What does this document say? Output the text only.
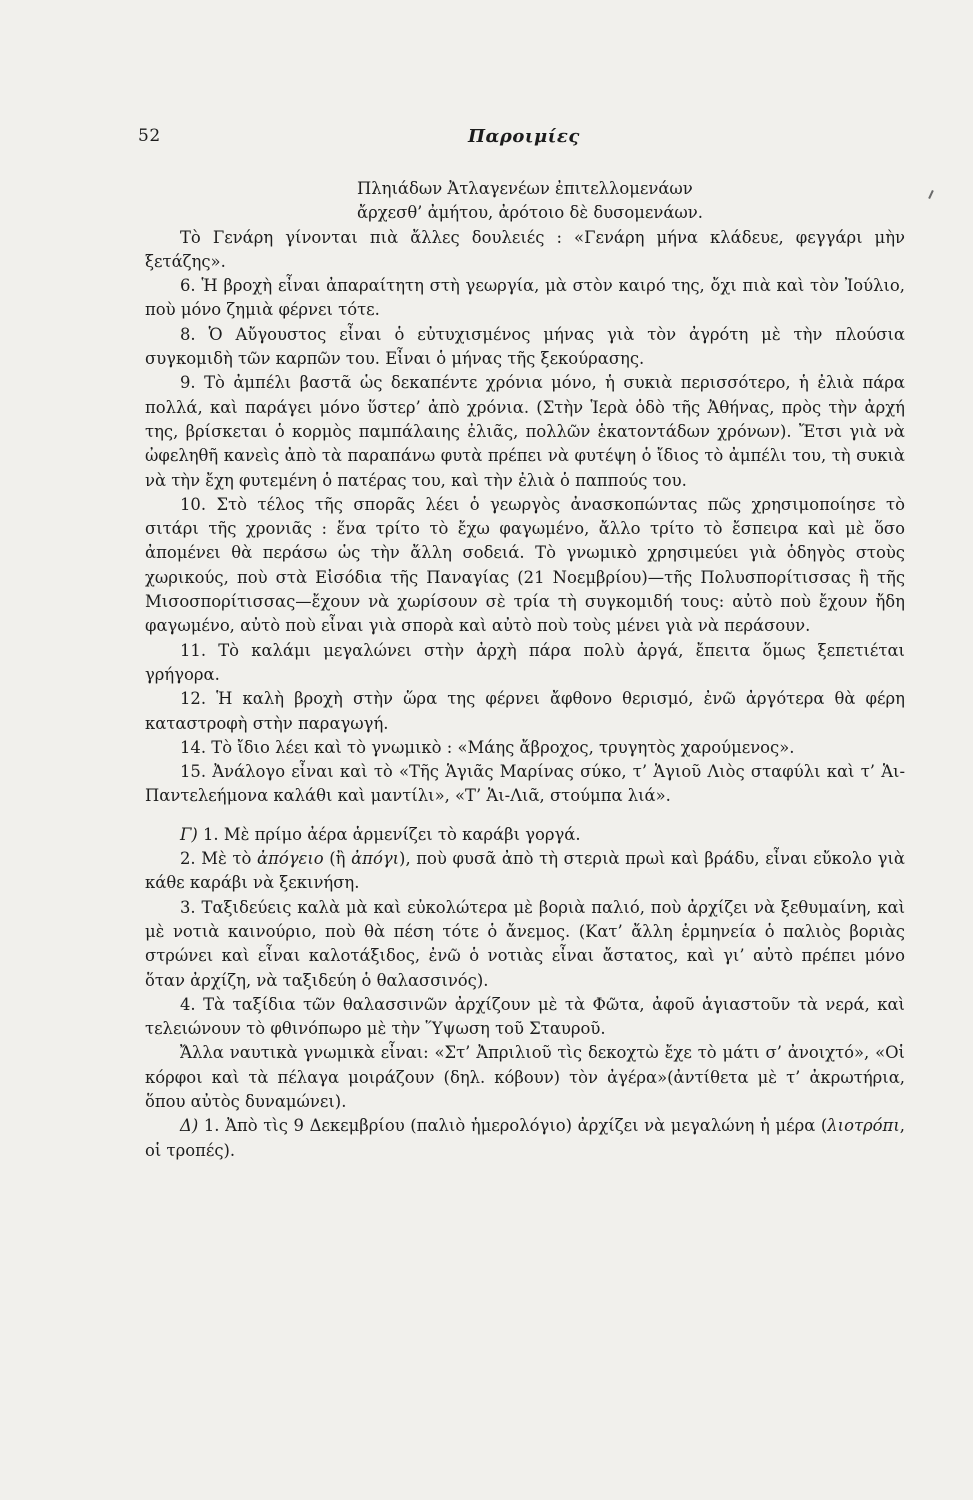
52	Παροιμίες

Πληιάδων Ἀτλαγενέων ἐπιτελλομενάων

ἄρχεσθ’ ἀμήτου, ἀρότοιο δὲ δυσομενάων.

Τὸ Γενάρη γίνονται πιὰ ἄλλες δουλειές : «Γενάρη μήνα κλάδευε, φεγγάρι μὴν ξετάζης».

6. Ἡ βροχὴ εἶναι ἀπαραίτητη στὴ γεωργία, μὰ στὸν καιρό της, ὄχι πιὰ καὶ τὸν Ἰούλιο, ποὺ μόνο ζημιὰ φέρνει τότε.

8. Ὁ Αὔγουστος εἶναι ὁ εὐτυχισμένος μήνας γιὰ τὸν ἀγρότη μὲ τὴν πλούσια συγκομιδὴ τῶν καρπῶν του. Εἶναι ὁ μήνας τῆς ξεκούρασης.

9. Τὸ ἀμπέλι βαστᾶ ὡς δεκαπέντε χρόνια μόνο, ἡ συκιὰ περισσότερο, ἡ ἐλιὰ πάρα πολλά, καὶ παράγει μόνο ὕστερ’ ἀπὸ χρόνια. (Στὴν Ἱερὰ ὁδὸ τῆς Ἀθήνας, πρὸς τὴν ἀρχή της, βρίσκεται ὁ κορμὸς παμπάλαιης ἐλιᾶς, πολλῶν ἑκατοντάδων χρόνων). Ἔτσι γιὰ νὰ ὠφεληθῆ κανεὶς ἀπὸ τὰ παραπάνω φυτὰ πρέπει νὰ φυτέψη ὁ ἴδιος τὸ ἀμπέλι του, τὴ συκιὰ νὰ τὴν ἔχη φυτεμένη ὁ πατέρας του, καὶ τὴν ἐλιὰ ὁ παππούς του.

10. Στὸ τέλος τῆς σπορᾶς λέει ὁ γεωργὸς ἀνασκοπώντας πῶς χρησιμοποίησε τὸ σιτάρι τῆς χρονιᾶς : ἕνα τρίτο τὸ ἔχω φαγωμένο, ἄλλο τρίτο τὸ ἔσπειρα καὶ μὲ ὅσο ἀπομένει θὰ περάσω ὡς τὴν ἄλλη σοδειά. Τὸ γνωμικὸ χρησιμεύει γιὰ ὁδηγὸς στοὺς χωρικούς, ποὺ στὰ Εἰσόδια τῆς Παναγίας (21 Νοεμβρίου)—τῆς Πολυσπορίτισσας ἢ τῆς Μισοσπορίτισσας—ἔχουν νὰ χωρίσουν σὲ τρία τὴ συγκομιδή τους: αὐτὸ ποὺ ἔχουν ἤδη φαγωμένο, αὐτὸ ποὺ εἶναι γιὰ σπορὰ καὶ αὐτὸ ποὺ τοὺς μένει γιὰ νὰ περάσουν.

11. Τὸ καλάμι μεγαλώνει στὴν ἀρχὴ πάρα πολὺ ἀργά, ἔπειτα ὅμως ξεπετιέται γρήγορα.

12. Ἡ καλὴ βροχὴ στὴν ὥρα της φέρνει ἄφθονο θερισμό, ἐνῶ ἀργότερα θὰ φέρη καταστροφὴ στὴν παραγωγή.

14. Τὸ ἴδιο λέει καὶ τὸ γνωμικὸ : «Μάης ἄβροχος, τρυγητὸς χαρούμενος».

15. Ἀνάλογο εἶναι καὶ τὸ «Τῆς Ἁγιᾶς Μαρίνας σύκο, τ’ Ἁγιοῦ Λιὸς σταφύλι καὶ τ’ Ἁι-Παντελεήμονα καλάθι καὶ μαντίλι», «Τ’ Ἁι-Λιᾶ, στούμπα λιά».

Γ) 1. Μὲ πρίμο ἀέρα ἁρμενίζει τὸ καράβι γοργά.

2. Μὲ τὸ ἀπόγειο (ἢ ἀπόγι), ποὺ φυσᾶ ἀπὸ τὴ στεριὰ πρωὶ καὶ βράδυ, εἶναι εὔκολο γιὰ κάθε καράβι νὰ ξεκινήση.

3. Ταξιδεύεις καλὰ μὰ καὶ εὐκολώτερα μὲ βοριὰ παλιό, ποὺ ἀρχίζει νὰ ξεθυμαίνη, καὶ μὲ νοτιὰ καινούριο, ποὺ θὰ πέση τότε ὁ ἄνεμος. (Κατ’ ἄλλη ἑρμηνεία ὁ παλιὸς βοριὰς στρώνει καὶ εἶναι καλοτάξιδος, ἐνῶ ὁ νοτιὰς εἶναι ἄστατος, καὶ γι’ αὐτὸ πρέπει μόνο ὅταν ἀρχίζη, νὰ ταξιδεύη ὁ θαλασσινός).

4. Τὰ ταξίδια τῶν θαλασσινῶν ἀρχίζουν μὲ τὰ Φῶτα, ἀφοῦ ἁγιαστοῦν τὰ νερά, καὶ τελειώνουν τὸ φθινόπωρο μὲ τὴν Ὕψωση τοῦ Σταυροῦ.

Ἄλλα ναυτικὰ γνωμικὰ εἶναι: «Στ’ Ἀπριλιοῦ τὶς δεκοχτὼ ἔχε τὸ μάτι σ’ ἀνοιχτό», «Οἱ κόρφοι καὶ τὰ πέλαγα μοιράζουν (δηλ. κόβουν) τὸν ἀγέρα»(ἀντίθετα μὲ τ’ ἀκρωτήρια, ὅπου αὐτὸς δυναμώνει).

Δ) 1. Ἀπὸ τὶς 9 Δεκεμβρίου (παλιὸ ἡμερολόγιο) ἀρχίζει νὰ μεγαλώνη ἡ μέρα (λιοτρόπι, οἱ τροπές).
